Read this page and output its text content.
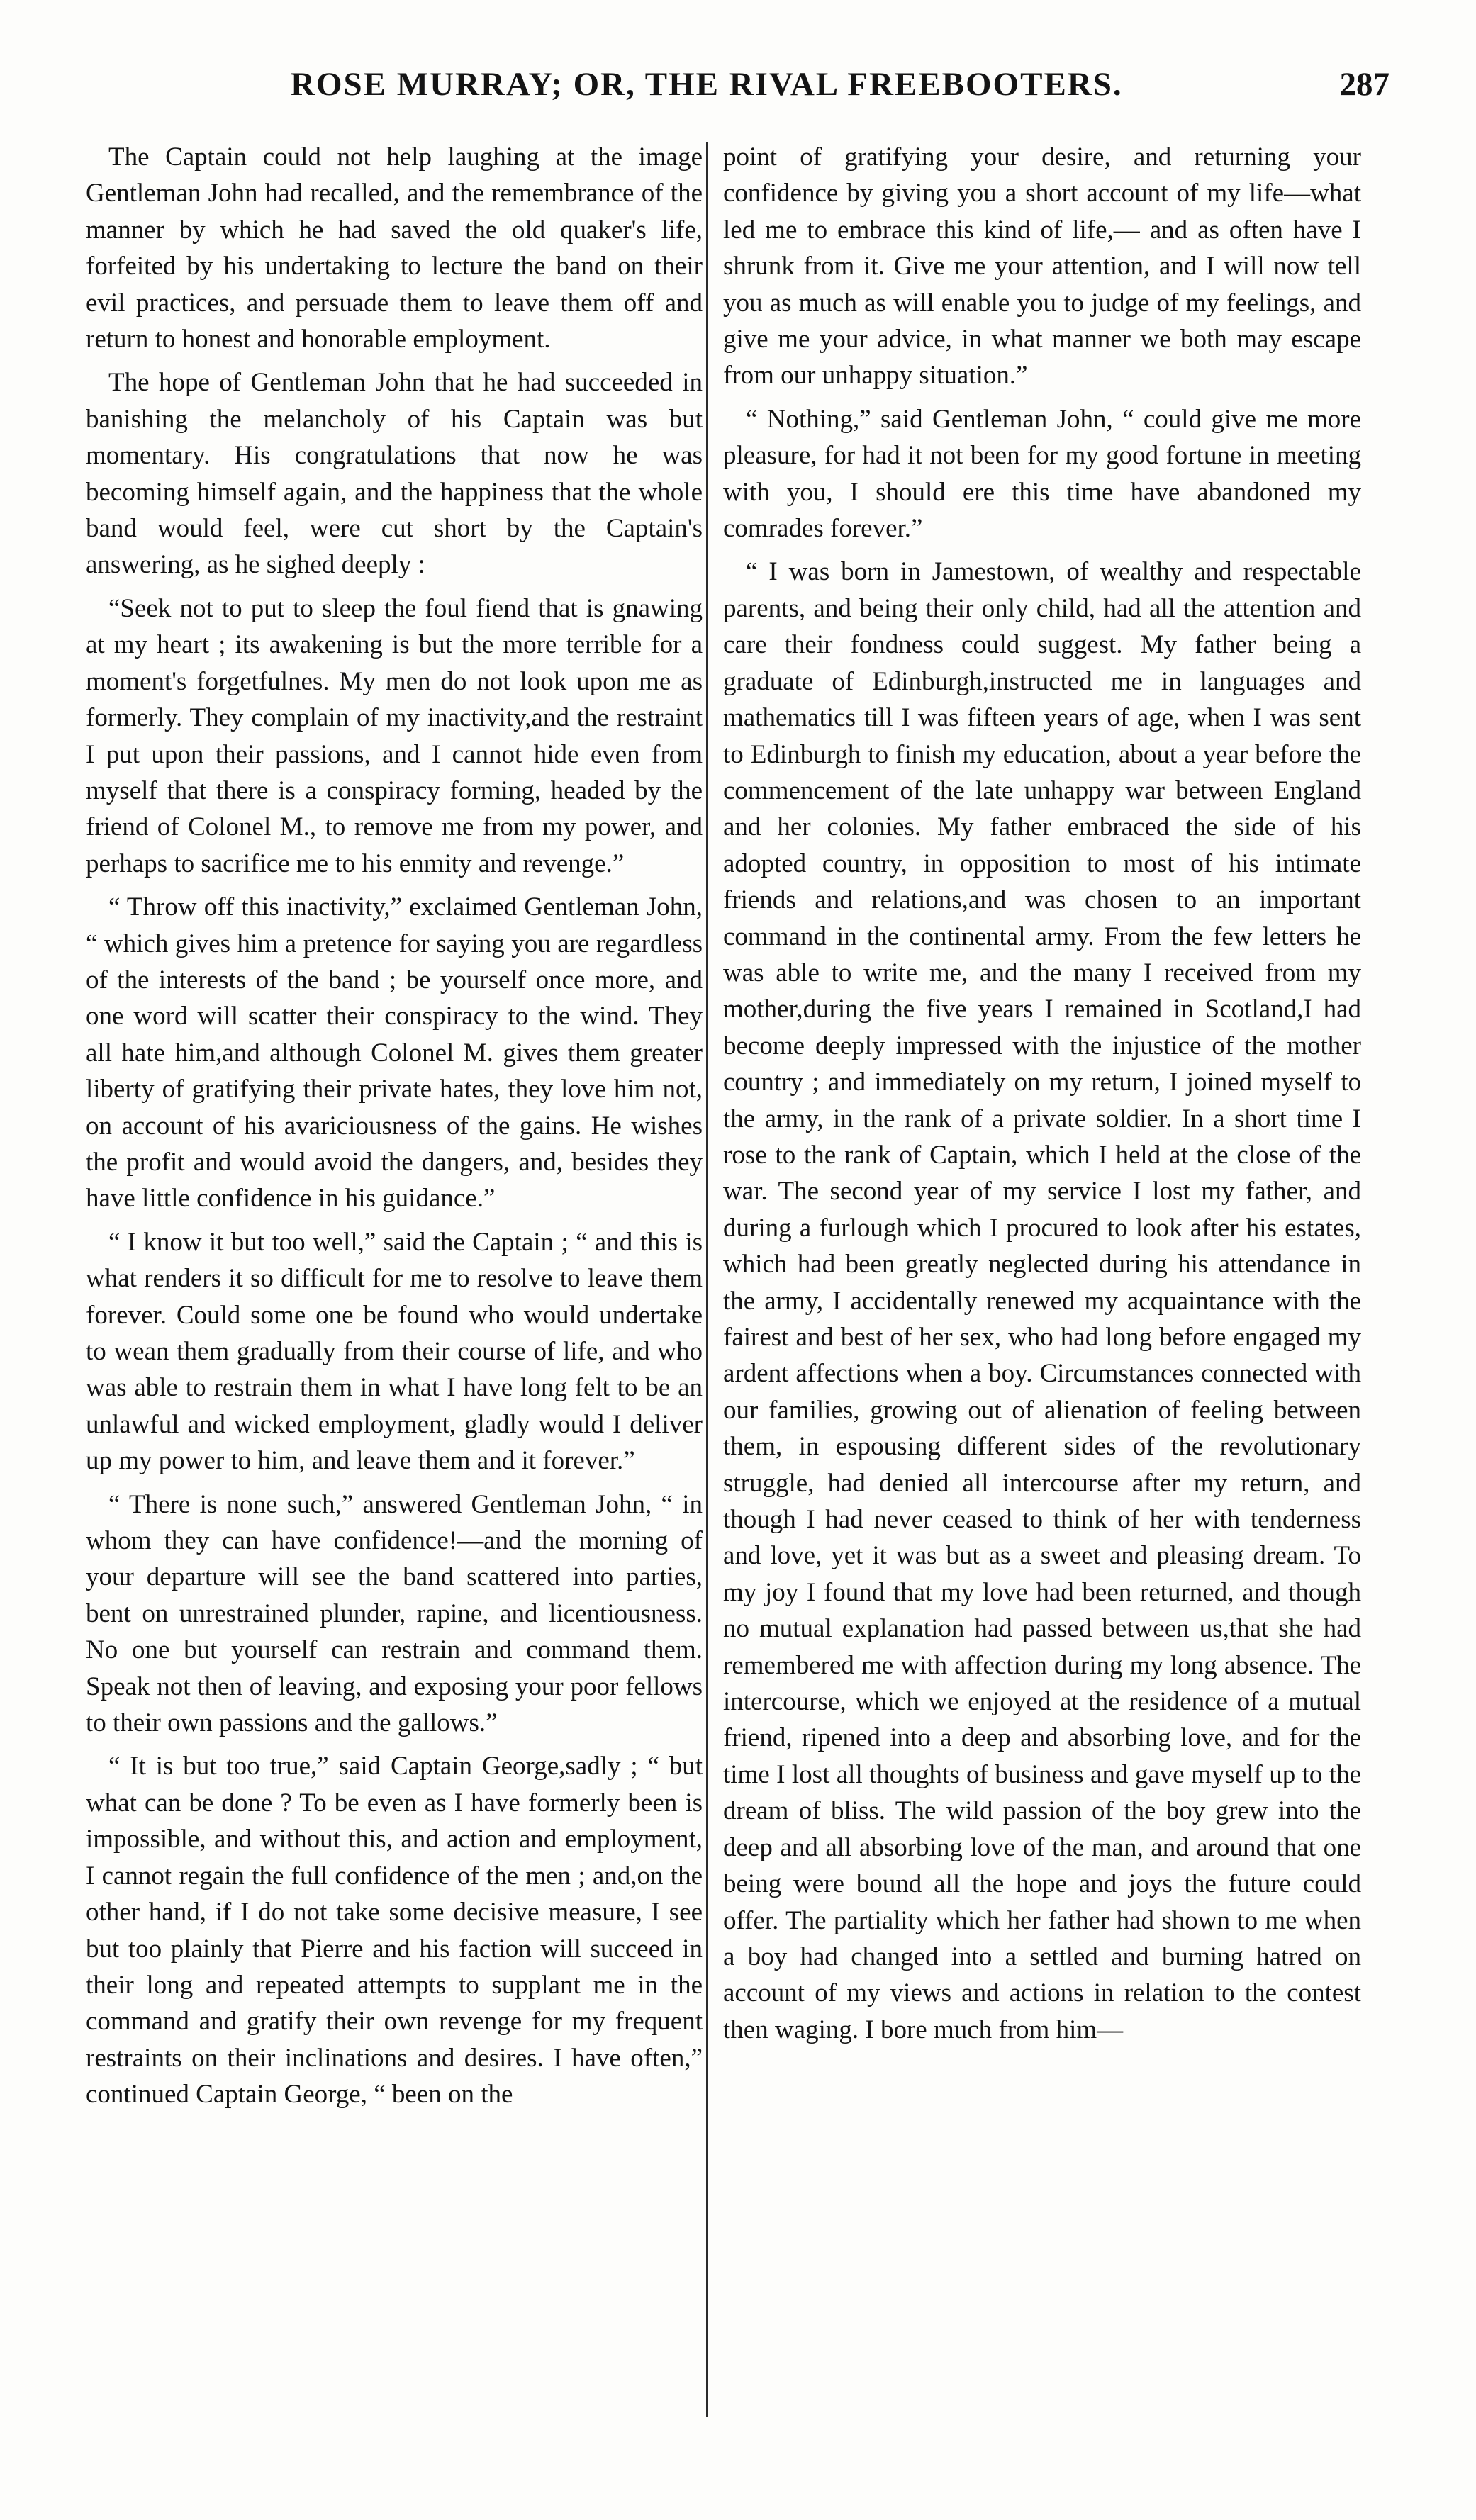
ROSE MURRAY; OR, THE RIVAL FREEBOOTERS.	287

The Captain could not help laughing at the image Gentleman John had recalled, and the remembrance of the manner by which he had saved the old quaker's life, forfeited by his undertaking to lecture the band on their evil practices, and persuade them to leave them off and return to honest and honorable employment.

The hope of Gentleman John that he had succeeded in banishing the melancholy of his Captain was but momentary. His congratulations that now he was becoming himself again, and the happiness that the whole band would feel, were cut short by the Captain's answering, as he sighed deeply :

“Seek not to put to sleep the foul fiend that is gnawing at my heart ; its awakening is but the more terrible for a moment's forgetfulnes. My men do not look upon me as formerly. They complain of my inactivity,and the restraint I put upon their passions, and I cannot hide even from myself that there is a conspiracy forming, headed by the friend of Colonel M., to remove me from my power, and perhaps to sacrifice me to his enmity and revenge.”

“ Throw off this inactivity,” exclaimed Gentleman John, “ which gives him a pretence for saying you are regardless of the interests of the band ; be yourself once more, and one word will scatter their conspiracy to the wind. They all hate him,and although Colonel M. gives them greater liberty of gratifying their private hates, they love him not, on account of his avariciousness of the gains. He wishes the profit and would avoid the dangers, and, besides they have little confidence in his guidance.”

“ I know it but too well,” said the Captain ; “ and this is what renders it so difficult for me to resolve to leave them forever. Could some one be found who would undertake to wean them gradually from their course of life, and who was able to restrain them in what I have long felt to be an unlawful and wicked employment, gladly would I deliver up my power to him, and leave them and it forever.”

“ There is none such,” answered Gentleman John, “ in whom they can have confidence!—and the morning of your departure will see the band scattered into parties, bent on unrestrained plunder, rapine, and licentiousness. No one but yourself can restrain and command them. Speak not then of leaving, and exposing your poor fellows to their own passions and the gallows.”

“ It is but too true,” said Captain George,sadly ; “ but what can be done ? To be even as I have formerly been is impossible, and without this, and action and employment, I cannot regain the full confidence of the men ; and,on the other hand, if I do not take some decisive measure, I see but too plainly that Pierre and his faction will succeed in their long and repeated attempts to supplant me in the command and gratify their own revenge for my frequent restraints on their inclinations and desires. I have often,” continued Captain George, “ been on the

point of gratifying your desire, and returning your confidence by giving you a short account of my life—what led me to embrace this kind of life,— and as often have I shrunk from it. Give me your attention, and I will now tell you as much as will enable you to judge of my feelings, and give me your advice, in what manner we both may escape from our unhappy situation.”

“ Nothing,” said Gentleman John, “ could give me more pleasure, for had it not been for my good fortune in meeting with you, I should ere this time have abandoned my comrades forever.”

“ I was born in Jamestown, of wealthy and respectable parents, and being their only child, had all the attention and care their fondness could suggest. My father being a graduate of Edinburgh,instructed me in languages and mathematics till I was fifteen years of age, when I was sent to Edinburgh to finish my education, about a year before the commencement of the late unhappy war between England and her colonies. My father embraced the side of his adopted country, in opposition to most of his intimate friends and relations,and was chosen to an important command in the continental army. From the few letters he was able to write me, and the many I received from my mother,during the five years I remained in Scotland,I had become deeply impressed with the injustice of the mother country ; and immediately on my return, I joined myself to the army, in the rank of a private soldier. In a short time I rose to the rank of Captain, which I held at the close of the war. The second year of my service I lost my father, and during a furlough which I procured to look after his estates, which had been greatly neglected during his attendance in the army, I accidentally renewed my acquaintance with the fairest and best of her sex, who had long before engaged my ardent affections when a boy. Circumstances connected with our families, growing out of alienation of feeling between them, in espousing different sides of the revolutionary struggle, had denied all intercourse after my return, and though I had never ceased to think of her with tenderness and love, yet it was but as a sweet and pleasing dream. To my joy I found that my love had been returned, and though no mutual explanation had passed between us,that she had remembered me with affection during my long absence. The intercourse, which we enjoyed at the residence of a mutual friend, ripened into a deep and absorbing love, and for the time I lost all thoughts of business and gave myself up to the dream of bliss. The wild passion of the boy grew into the deep and all absorbing love of the man, and around that one being were bound all the hope and joys the future could offer. The partiality which her father had shown to me when a boy had changed into a settled and burning hatred on account of my views and actions in relation to the contest then waging. I bore much from him—
